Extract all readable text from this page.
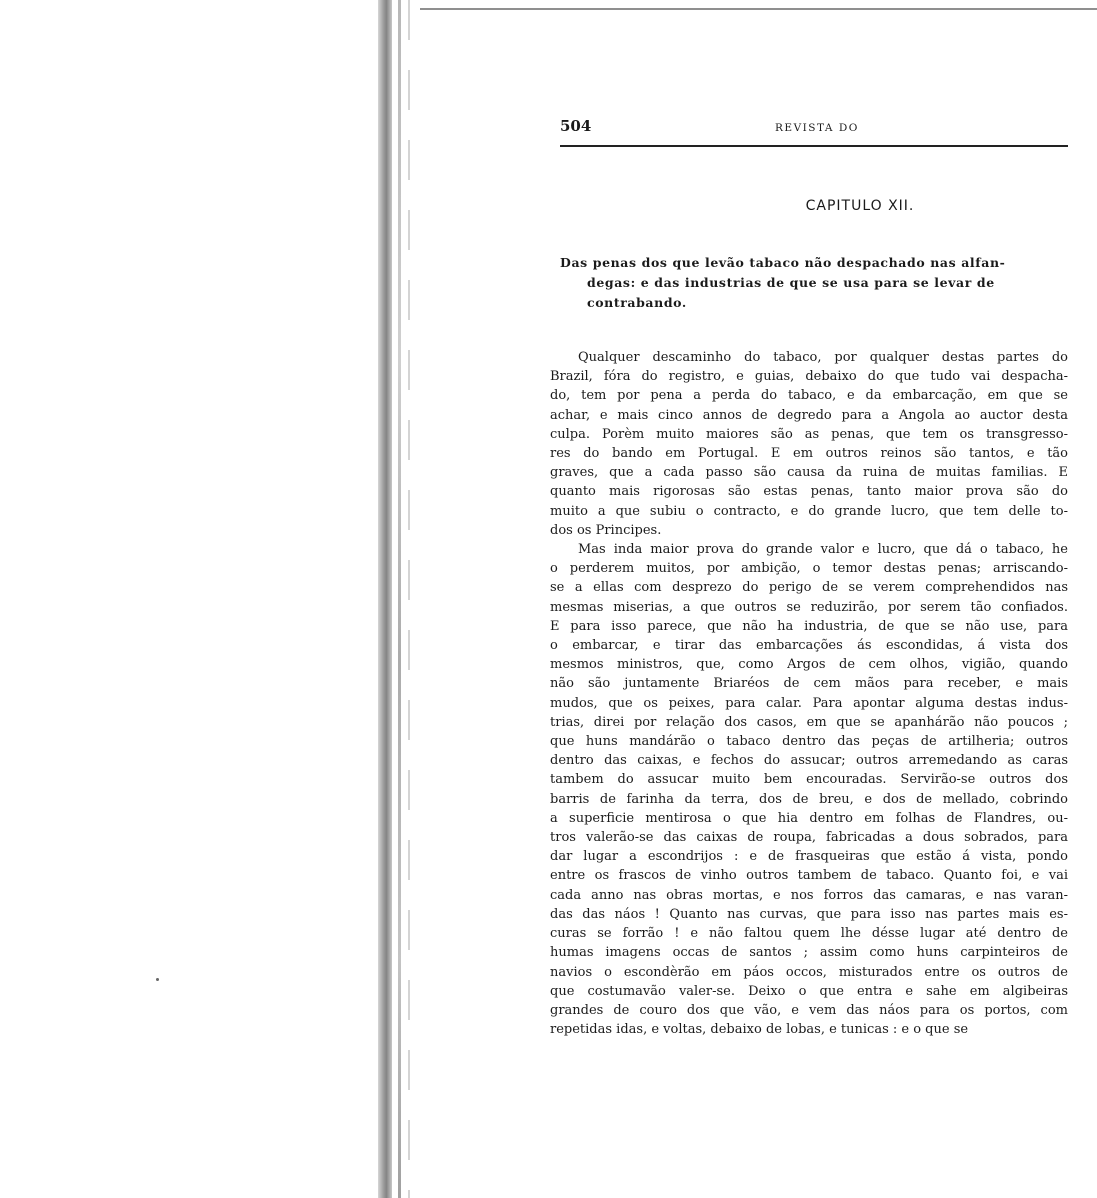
504	REVISTA DO
CAPITULO XII.
Das penas dos que levão tabaco não despachado nas alfan-
degas: e das industrias de que se usa para se levar de
contrabando.
Qualquer descaminho do tabaco, por qualquer destas partes do
Brazil, fóra do registro, e guias, debaixo do que tudo vai despacha-
do, tem por pena a perda do tabaco, e da embarcação, em que se
achar, e mais cinco annos de degredo para a Angola ao auctor desta
culpa. Porèm muito maiores são as penas, que tem os transgresso-
res do bando em Portugal. E em outros reinos são tantos, e tão
graves, que a cada passo são causa da ruina de muitas familias. E
quanto mais rigorosas são estas penas, tanto maior prova são do
muito a que subiu o contracto, e do grande lucro, que tem delle to-
dos os Principes.
Mas inda maior prova do grande valor e lucro, que dá o tabaco, he
o perderem muitos, por ambição, o temor destas penas; arriscando-
se a ellas com desprezo do perigo de se verem comprehendidos nas
mesmas miserias, a que outros se reduzirão, por serem tão confiados.
E para isso parece, que não ha industria, de que se não use, para
o embarcar, e tirar das embarcações ás escondidas, á vista dos
mesmos ministros, que, como Argos de cem olhos, vigião, quando
não são juntamente Briaréos de cem mãos para receber, e mais
mudos, que os peixes, para calar. Para apontar alguma destas indus-
trias, direi por relação dos casos, em que se apanhárão não poucos ;
que huns mandárão o tabaco dentro das peças de artilheria; outros
dentro das caixas, e fechos do assucar; outros arremedando as caras
tambem do assucar muito bem encouradas. Servirão-se outros dos
barris de farinha da terra, dos de breu, e dos de mellado, cobrindo
a superficie mentirosa o que hia dentro em folhas de Flandres, ou-
tros valerão-se das caixas de roupa, fabricadas a dous sobrados, para
dar lugar a escondrijos : e de frasqueiras que estão á vista, pondo
entre os frascos de vinho outros tambem de tabaco. Quanto foi, e vai
cada anno nas obras mortas, e nos forros das camaras, e nas varan-
das das náos ! Quanto nas curvas, que para isso nas partes mais es-
curas se forrão ! e não faltou quem lhe désse lugar até dentro de
humas imagens occas de santos ; assim como huns carpinteiros de
navios o escondèrão em páos occos, misturados entre os outros de
que costumavão valer-se. Deixo o que entra e sahe em algibeiras
grandes de couro dos que vão, e vem das náos para os portos, com
repetidas idas, e voltas, debaixo de lobas, e tunicas : e o que se
